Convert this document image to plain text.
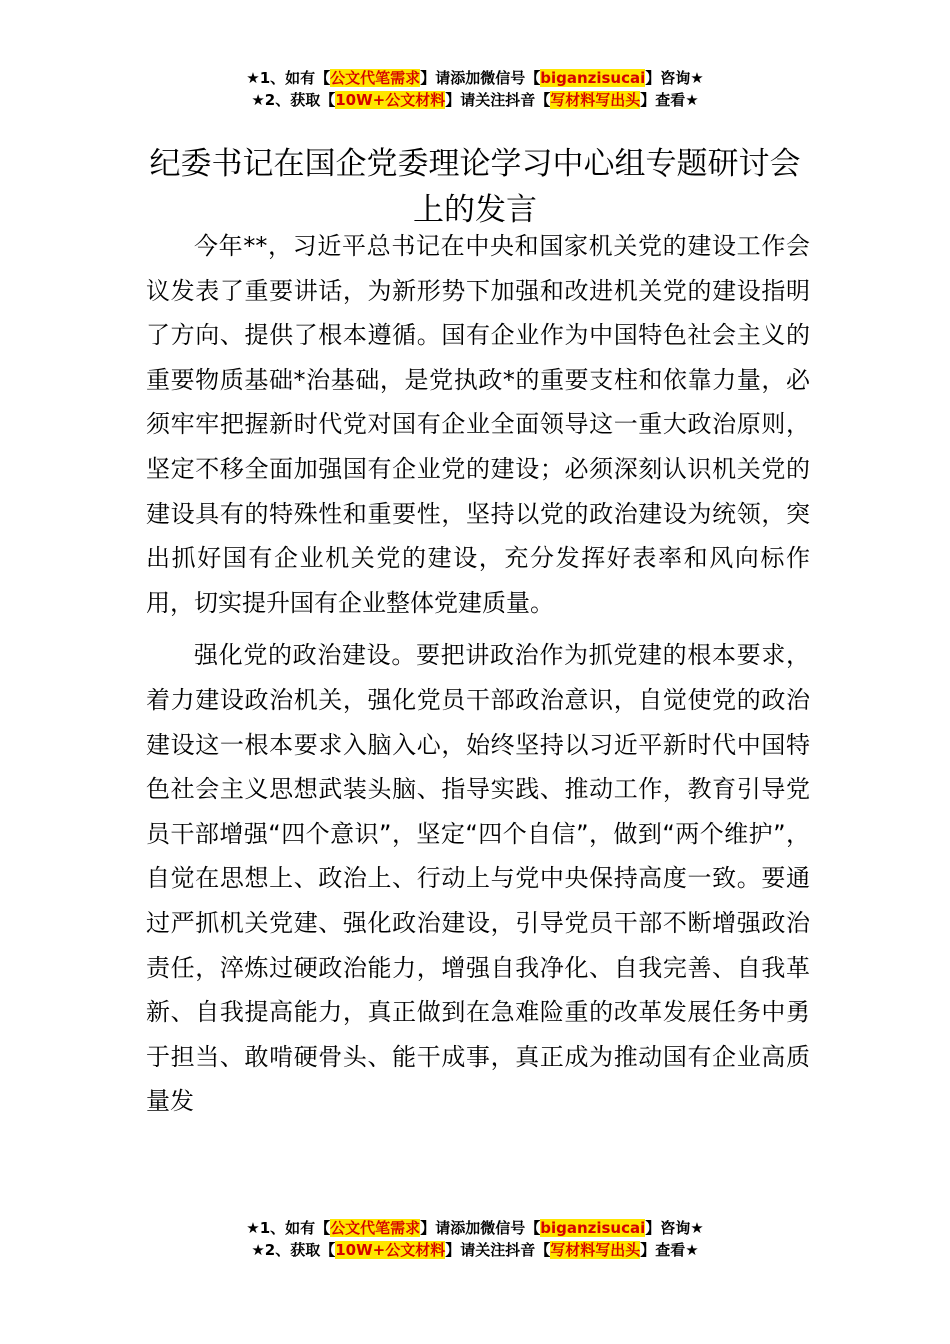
★1、如有【公文代笔需求】请添加微信号【biganzisucai】咨询★
★2、获取【10W+公文材料】请关注抖音【写材料写出头】查看★
纪委书记在国企党委理论学习中心组专题研讨会上的发言

今年**，习近平总书记在中央和国家机关党的建设工作会议发表了重要讲话，为新形势下加强和改进机关党的建设指明了方向、提供了根本遵循。国有企业作为中国特色社会主义的重要物质基础*治基础，是党执政*的重要支柱和依靠力量，必须牢牢把握新时代党对国有企业全面领导这一重大政治原则，坚定不移全面加强国有企业党的建设；必须深刻认识机关党的建设具有的特殊性和重要性，坚持以党的政治建设为统领，突出抓好国有企业机关党的建设，充分发挥好表率和风向标作用，切实提升国有企业整体党建质量。

强化党的政治建设。要把讲政治作为抓党建的根本要求，着力建设政治机关，强化党员干部政治意识，自觉使党的政治建设这一根本要求入脑入心，始终坚持以习近平新时代中国特色社会主义思想武装头脑、指导实践、推动工作，教育引导党员干部增强“四个意识”，坚定“四个自信”，做到“两个维护”，自觉在思想上、政治上、行动上与党中央保持高度一致。要通过严抓机关党建、强化政治建设，引导党员干部不断增强政治责任，淬炼过硬政治能力，增强自我净化、自我完善、自我革新、自我提高能力，真正做到在急难险重的改革发展任务中勇于担当、敢啃硬骨头、能干成事，真正成为推动国有企业高质量发

★1、如有【公文代笔需求】请添加微信号【biganzisucai】咨询★
★2、获取【10W+公文材料】请关注抖音【写材料写出头】查看★
